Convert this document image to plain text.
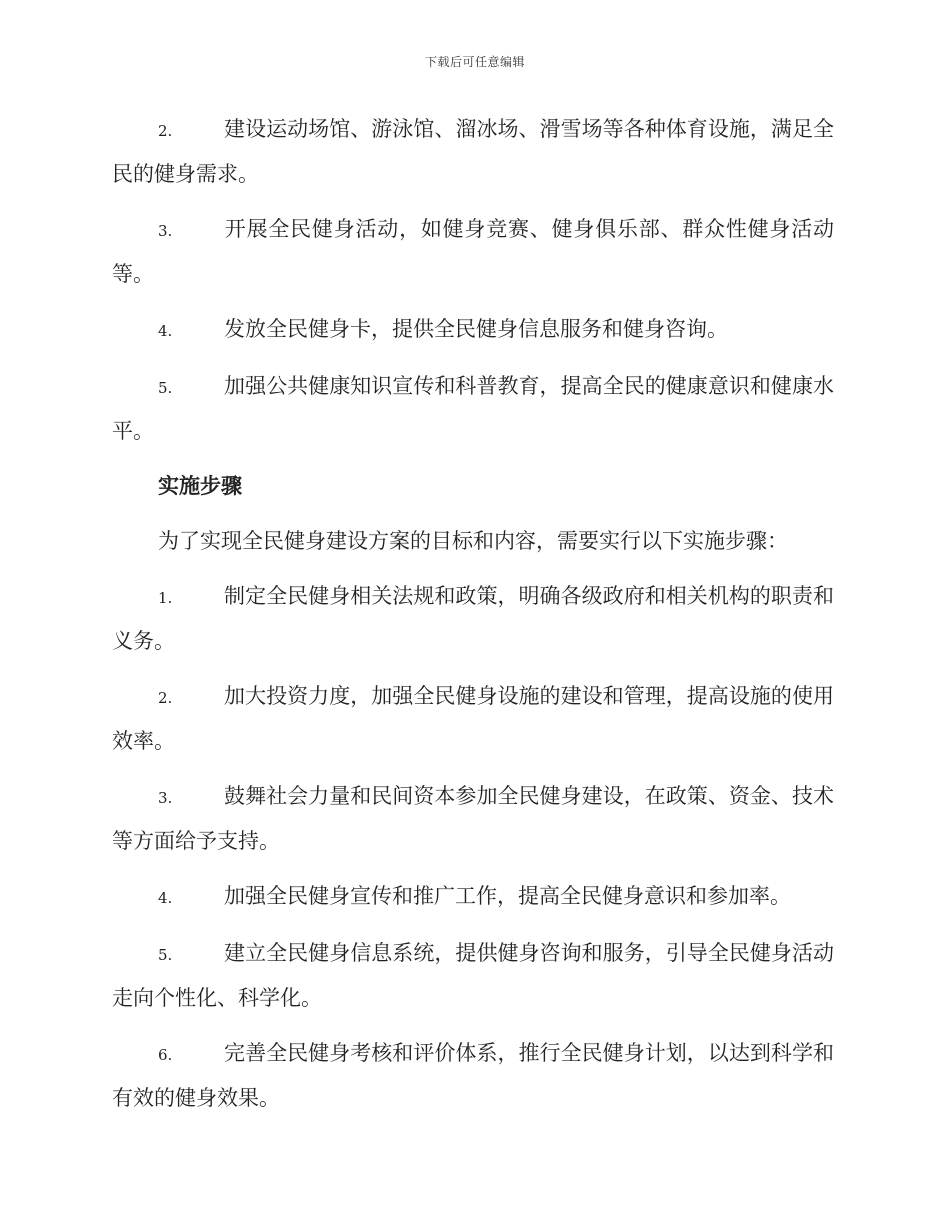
下载后可任意编辑

2. 建设运动场馆、游泳馆、溜冰场、滑雪场等各种体育设施，满足全民的健身需求。

3. 开展全民健身活动，如健身竞赛、健身俱乐部、群众性健身活动等。

4. 发放全民健身卡，提供全民健身信息服务和健身咨询。

5. 加强公共健康知识宣传和科普教育，提高全民的健康意识和健康水平。

实施步骤

为了实现全民健身建设方案的目标和内容，需要实行以下实施步骤：

1. 制定全民健身相关法规和政策，明确各级政府和相关机构的职责和义务。

2. 加大投资力度，加强全民健身设施的建设和管理，提高设施的使用效率。

3. 鼓舞社会力量和民间资本参加全民健身建设，在政策、资金、技术等方面给予支持。

4. 加强全民健身宣传和推广工作，提高全民健身意识和参加率。

5. 建立全民健身信息系统，提供健身咨询和服务，引导全民健身活动走向个性化、科学化。

6. 完善全民健身考核和评价体系，推行全民健身计划，以达到科学和有效的健身效果。
